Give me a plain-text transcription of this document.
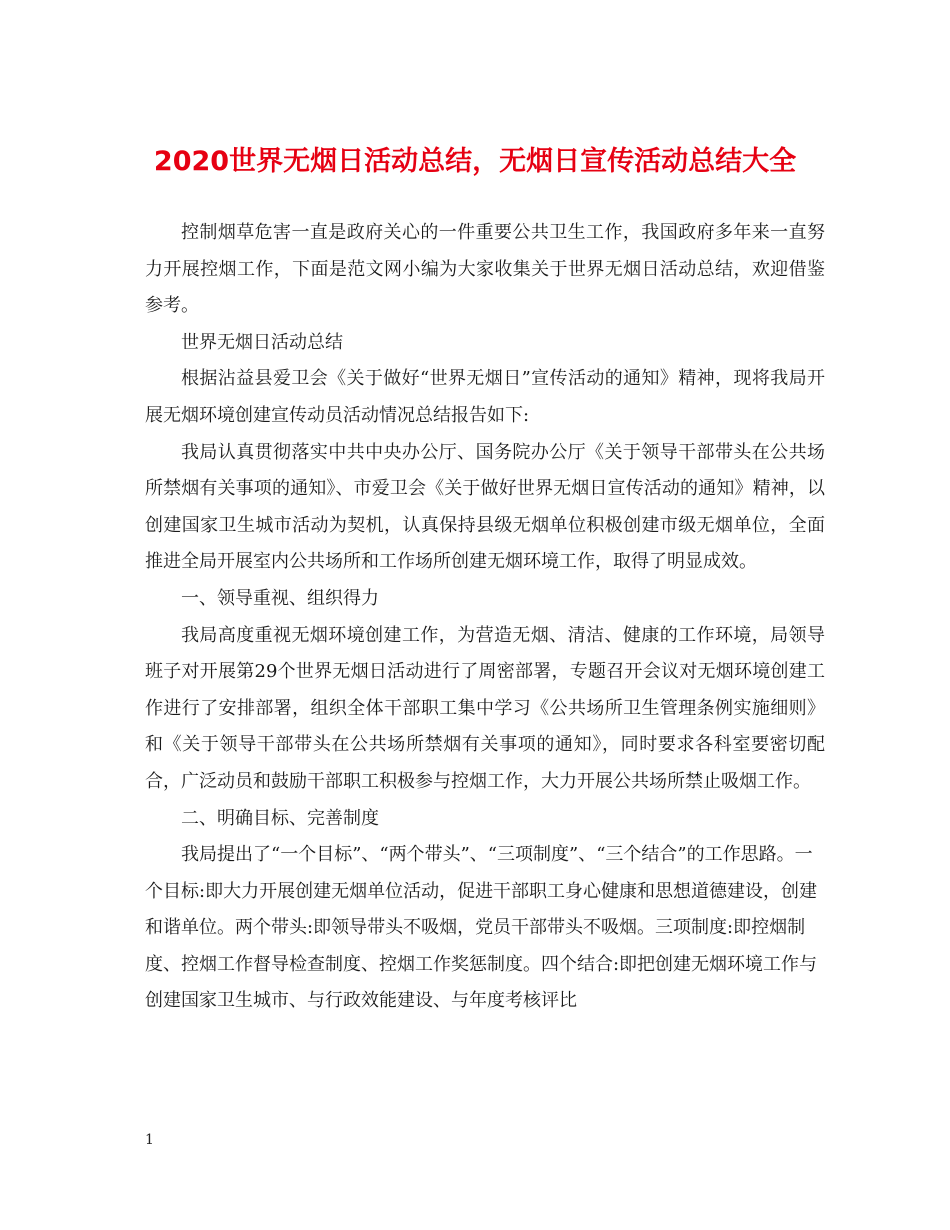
2020世界无烟日活动总结，无烟日宣传活动总结大全

控制烟草危害一直是政府关心的一件重要公共卫生工作，我国政府多年来一直努力开展控烟工作，下面是范文网小编为大家收集关于世界无烟日活动总结，欢迎借鉴参考。

世界无烟日活动总结

根据沾益县爱卫会《关于做好“世界无烟日”宣传活动的通知》精神，现将我局开展无烟环境创建宣传动员活动情况总结报告如下:

我局认真贯彻落实中共中央办公厅、国务院办公厅《关于领导干部带头在公共场所禁烟有关事项的通知》、市爱卫会《关于做好世界无烟日宣传活动的通知》精神，以创建国家卫生城市活动为契机，认真保持县级无烟单位积极创建市级无烟单位，全面推进全局开展室内公共场所和工作场所创建无烟环境工作，取得了明显成效。

一、领导重视、组织得力

我局高度重视无烟环境创建工作，为营造无烟、清洁、健康的工作环境，局领导班子对开展第29个世界无烟日活动进行了周密部署，专题召开会议对无烟环境创建工作进行了安排部署，组织全体干部职工集中学习《公共场所卫生管理条例实施细则》和《关于领导干部带头在公共场所禁烟有关事项的通知》，同时要求各科室要密切配合，广泛动员和鼓励干部职工积极参与控烟工作，大力开展公共场所禁止吸烟工作。

二、明确目标、完善制度

我局提出了“一个目标”、“两个带头”、“三项制度”、“三个结合”的工作思路。一个目标:即大力开展创建无烟单位活动，促进干部职工身心健康和思想道德建设，创建和谐单位。两个带头:即领导带头不吸烟，党员干部带头不吸烟。三项制度:即控烟制度、控烟工作督导检查制度、控烟工作奖惩制度。四个结合:即把创建无烟环境工作与创建国家卫生城市、与行政效能建设、与年度考核评比

1
